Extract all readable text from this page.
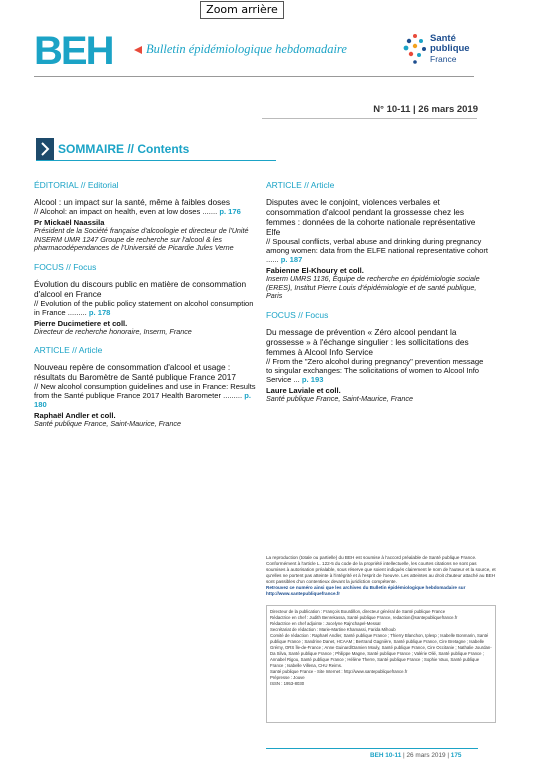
Zoom arrière
BEH	Bulletin épidémiologique hebdomadaire
Santé
publique
France
N° 10-11 | 26 mars 2019
SOMMAIRE // Contents
ÉDITORIAL // Editorial
Alcool : un impact sur la santé, même à faibles doses
// Alcohol: an impact on health, even at low doses ....... p. 176
Pr Mickaël Naassila
Président de la Société française d'alcoologie et directeur de l'Unité INSERM UMR 1247 Groupe de recherche sur l'alcool & les pharmacodépendances de l'Université de Picardie Jules Verne
FOCUS // Focus
Évolution du discours public en matière de consommation d'alcool en France
// Evolution of the public policy statement on alcohol consumption in France ......... p. 178
Pierre Ducimetiere et coll.
Directeur de recherche honoraire, Inserm, France
ARTICLE // Article
Nouveau repère de consommation d'alcool et usage : résultats du Baromètre de Santé publique France 2017
// New alcohol consumption guidelines and use in France: Results from the Santé publique France 2017 Health Barometer ......... p. 180
Raphaël Andler et coll.
Santé publique France, Saint-Maurice, France
ARTICLE // Article
Disputes avec le conjoint, violences verbales et consommation d'alcool pendant la grossesse chez les femmes : données de la cohorte nationale représentative Elfe
// Spousal conflicts, verbal abuse and drinking during pregnancy among women: data from the ELFE national representative cohort ...... p. 187
Fabienne El-Khoury et coll.
Inserm UMRS 1136, Équipe de recherche en épidémiologie sociale (ERES), Institut Pierre Louis d'épidémiologie et de santé publique, Paris
FOCUS // Focus
Du message de prévention « Zéro alcool pendant la grossesse » à l'échange singulier : les sollicitations des femmes à Alcool Info Service
// From the "Zero alcohol during pregnancy" prevention message to singular exchanges: The solicitations of women to Alcool Info Service ... p. 193
Laure Laviale et coll.
Santé publique France, Saint-Maurice, France
La reproduction (totale ou partielle) du BEH est soumise à l'accord préalable de Santé publique France. Conformément à l'article L. 122-5 du code de la propriété intellectuelle, les courtes citations ne sont pas soumises à autorisation préalable, sous réserve que soient indiqués clairement le nom de l'auteur et la source, et qu'elles ne portent pas atteinte à l'intégrité et à l'esprit de l'oeuvre. Les atteintes au droit d'auteur attaché au BEH sont passibles d'un contentieux devant la juridiction compétente.
Retrouvez ce numéro ainsi que les archives du Bulletin épidémiologique hebdomadaire sur http://www.santepubliquefrance.fr
Directeur de la publication : François Bourdillon, directeur général de Santé publique France
Rédactrice en chef : Judith Benrekassa, Santé publique France, redaction@santepubliquefrance.fr
Rédactrice en chef adjointe : Jocelyne Rajnchapel-Messaï
Secrétariat de rédaction : Marie-Martine Khamassi, Farida Mihoub
Comité de rédaction : Raphaël Andler, Santé publique France ; Thierry Blanchon, Iplesp ; Isabelle Bonmarin, Santé publique France ; Sandrine Danet, HCAAM ; Bertrand Gagnière, Santé publique France, Cire Bretagne ; Isabelle Grémy, ORS Île-de-France ; Anne Guinard/Damien Mouly, Santé publique France, Cire Occitanie ; Nathalie Jourdan-Da Silva, Santé publique France ; Philippe Magne, Santé publique France ; Valérie Olié, Santé publique France ; Annabel Rigou, Santé publique France ; Hélène Therre, Santé publique France ; Sophie Vaux, Santé publique France ; Isabelle Villena, CHU Reims.
Santé publique France - Site Internet : http://www.santepubliquefrance.fr
Prépresse : Jouve
ISSN : 1953-8030
BEH 10-11 | 26 mars 2019 | 175
